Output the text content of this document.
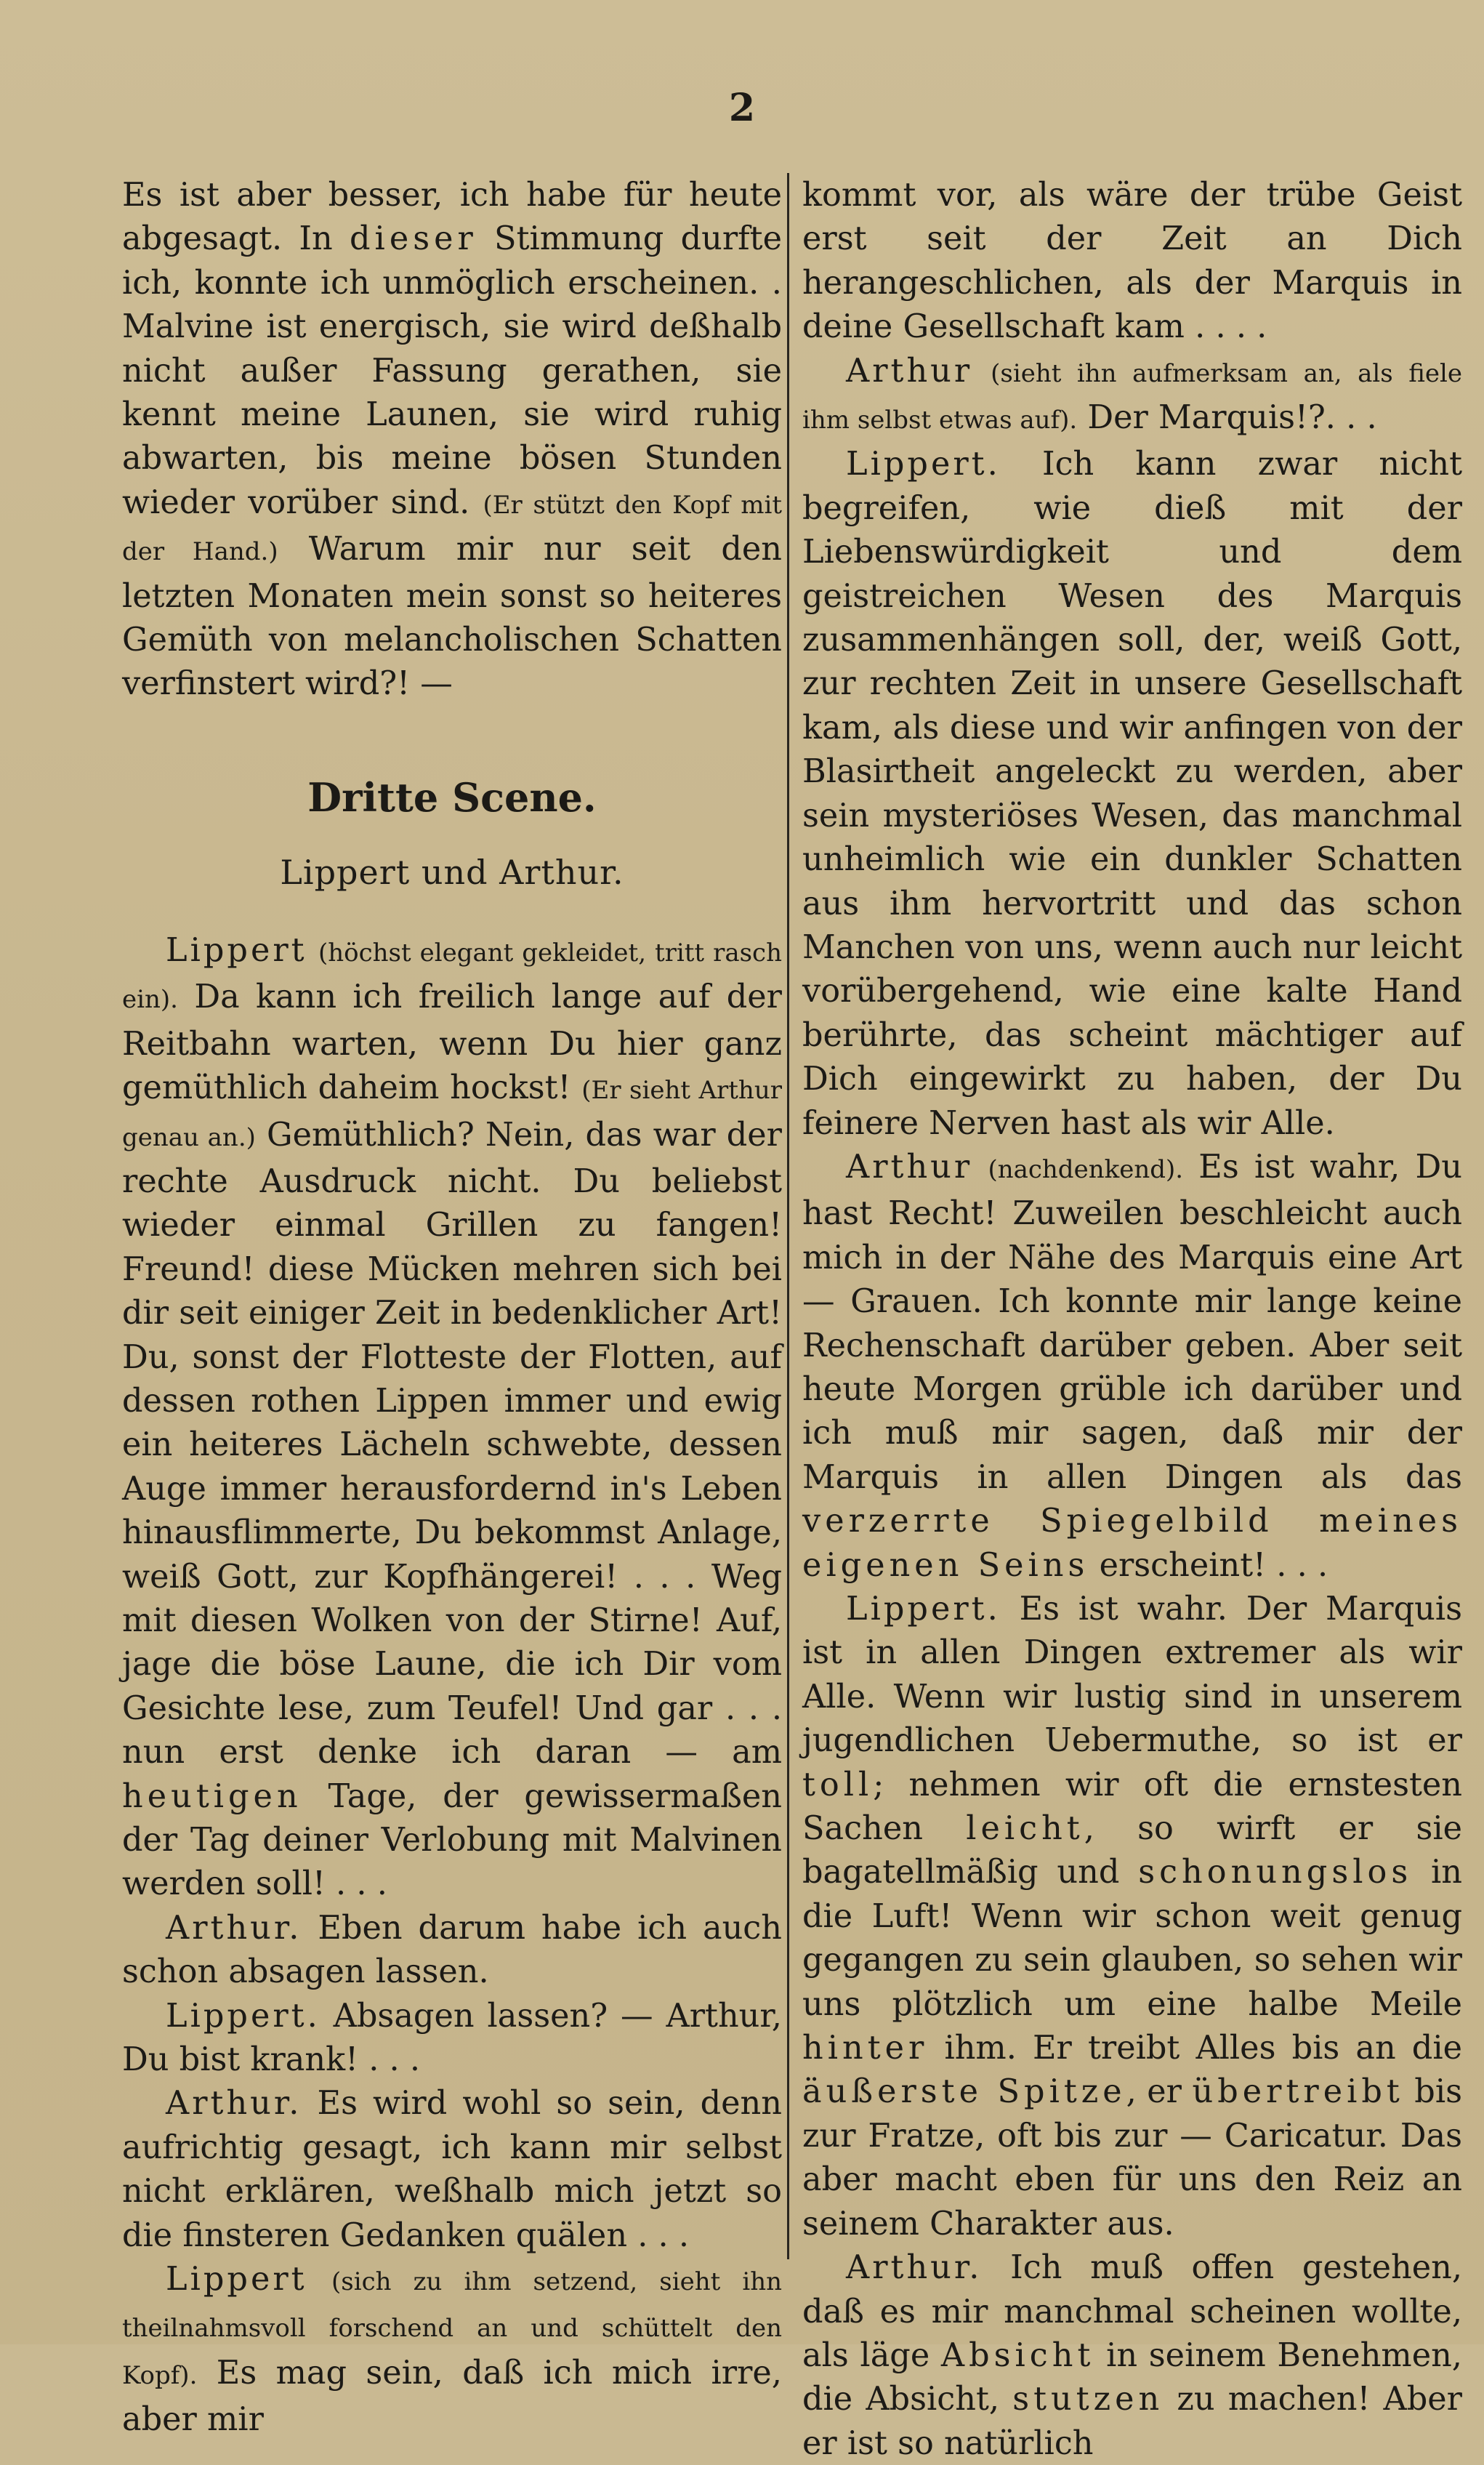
2

Es ist aber besser, ich habe für heute abgesagt. In dieser Stimmung durfte ich, konnte ich unmöglich erscheinen. . Malvine ist energisch, sie wird deßhalb nicht außer Fassung gerathen, sie kennt meine Launen, sie wird ruhig abwarten, bis meine bösen Stunden wieder vorüber sind. (Er stützt den Kopf mit der Hand.) Warum mir nur seit den letzten Monaten mein sonst so heiteres Gemüth von melancholischen Schatten verfinstert wird?! —

Dritte Scene.
Lippert und Arthur.

Lippert (höchst elegant gekleidet, tritt rasch ein). Da kann ich freilich lange auf der Reitbahn warten, wenn Du hier ganz gemüthlich daheim hockst! (Er sieht Arthur genau an.) Gemüthlich? Nein, das war der rechte Ausdruck nicht. Du beliebst wieder einmal Grillen zu fangen! Freund! diese Mücken mehren sich bei dir seit einiger Zeit in bedenklicher Art! Du, sonst der Flotteste der Flotten, auf dessen rothen Lippen immer und ewig ein heiteres Lächeln schwebte, dessen Auge immer herausfordernd in's Leben hinausflimmerte, Du bekommst Anlage, weiß Gott, zur Kopfhängerei! . . . Weg mit diesen Wolken von der Stirne! Auf, jage die böse Laune, die ich Dir vom Gesichte lese, zum Teufel! Und gar . . . nun erst denke ich daran — am heutigen Tage, der gewissermaßen der Tag deiner Verlobung mit Malvinen werden soll! . . .

Arthur. Eben darum habe ich auch schon absagen lassen.

Lippert. Absagen lassen? — Arthur, Du bist krank! . . .

Arthur. Es wird wohl so sein, denn aufrichtig gesagt, ich kann mir selbst nicht erklären, weßhalb mich jetzt so die finsteren Gedanken quälen . . .

Lippert (sich zu ihm setzend, sieht ihn theilnahmsvoll forschend an und schüttelt den Kopf). Es mag sein, daß ich mich irre, aber mir

kommt vor, als wäre der trübe Geist erst seit der Zeit an Dich herangeschlichen, als der Marquis in deine Gesellschaft kam . . . .

Arthur (sieht ihn aufmerksam an, als fiele ihm selbst etwas auf). Der Marquis!?. . .

Lippert. Ich kann zwar nicht begreifen, wie dieß mit der Liebenswürdigkeit und dem geistreichen Wesen des Marquis zusammenhängen soll, der, weiß Gott, zur rechten Zeit in unsere Gesellschaft kam, als diese und wir anfingen von der Blasirtheit angeleckt zu werden, aber sein mysteriöses Wesen, das manchmal unheimlich wie ein dunkler Schatten aus ihm hervortritt und das schon Manchen von uns, wenn auch nur leicht vorübergehend, wie eine kalte Hand berührte, das scheint mächtiger auf Dich eingewirkt zu haben, der Du feinere Nerven hast als wir Alle.

Arthur (nachdenkend). Es ist wahr, Du hast Recht! Zuweilen beschleicht auch mich in der Nähe des Marquis eine Art — Grauen. Ich konnte mir lange keine Rechenschaft darüber geben. Aber seit heute Morgen grüble ich darüber und ich muß mir sagen, daß mir der Marquis in allen Dingen als das verzerrte Spiegelbild meines eigenen Seins erscheint! . . .

Lippert. Es ist wahr. Der Marquis ist in allen Dingen extremer als wir Alle. Wenn wir lustig sind in unserem jugendlichen Uebermuthe, so ist er toll; nehmen wir oft die ernstesten Sachen leicht, so wirft er sie bagatellmäßig und schonungslos in die Luft! Wenn wir schon weit genug gegangen zu sein glauben, so sehen wir uns plötzlich um eine halbe Meile hinter ihm. Er treibt Alles bis an die äußerste Spitze, er übertreibt bis zur Fratze, oft bis zur — Caricatur. Das aber macht eben für uns den Reiz an seinem Charakter aus.

Arthur. Ich muß offen gestehen, daß es mir manchmal scheinen wollte, als läge Absicht in seinem Benehmen, die Absicht, stutzen zu machen! Aber er ist so natürlich
